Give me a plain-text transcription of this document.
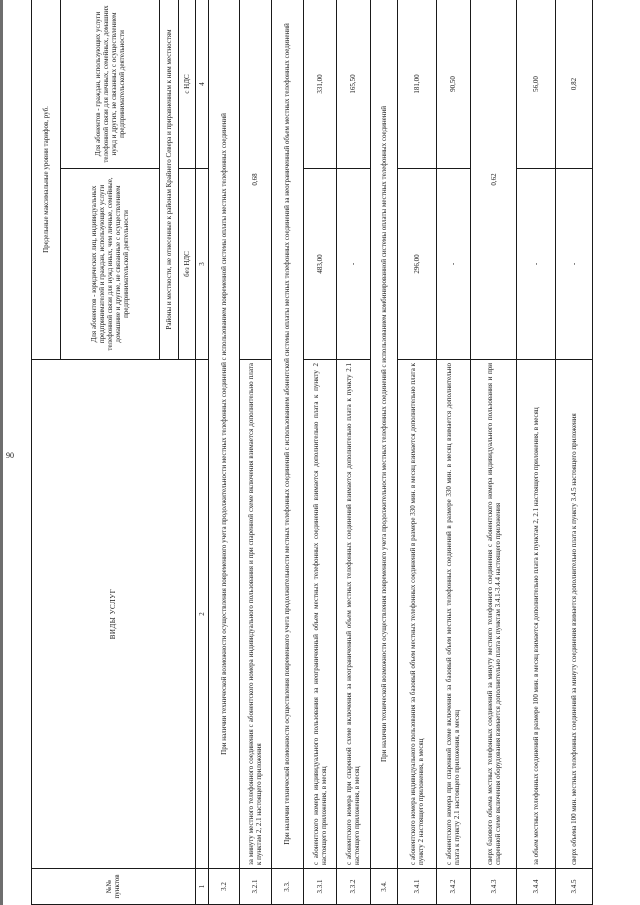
90
№№ пунктов	ВИДЫ УСЛУГ	Предельные максимальные уровни тарифов, руб.	
		Для абонентов - юридических лиц, индивидуальных предпринимателей и граждан, использующих услуги телефонной связи для нужд иных, чем личные, семейные, домашние и другие, не связанные с осуществлением предпринимательской деятельности	Для абонентов - граждан, использующих услуги телефонной связи для личных, семейных, домашних нужд и других, не связанных с осуществлением предпринимательской деятельности
		Районы и местности, не отнесенные к районам Крайнего Севера и приравненным к ним местностям	
		без НДС	с НДС
1	2	3	4
3.2	При наличии технической возможности осуществления повременного учета продолжительности местных телефонных соединений с использованием повременной системы оплаты местных телефонных соединений		
3.2.1	за минуту местного телефонного соединения с абонентского номера индивидуального пользования и при спаренной схеме включения взимается дополнительно плата к пунктам 2, 2.1 настоящего приложения	0,68	
3.3.	При наличии технической возможности осуществления повременного учета продолжительности местных телефонных соединений с использованием абонентской системы оплаты местных телефонных соединений за неограниченный объем местных телефонных соединений		
3.3.1	с абонентского номера индивидуального пользования за неограниченный объем местных телефонных соединений взимается дополнительно плата к пункту 2 настоящего приложения, в месяц	483,00	331,00
3.3.2	с абонентского номера при спаренной схеме включения за неограниченный объем местных телефонных соединений взимается дополнительно плата к пункту 2.1 настоящего приложения, в месяц	-	165,50
3.4.	При наличии технической возможности осуществления повременного учета продолжительности местных телефонных соединений с использованием комбинированной системы оплаты местных телефонных соединений		
3.4.1	с абонентского номера индивидуального пользования за базовый объем местных телефонных соединений в размере 330 мин. в месяц взимается дополнительно плата к пункту 2 настоящего приложения, в месяц	296,00	181,00
3.4.2	с абонентского номера при спаренной схеме включения за базовый объем местных телефонных соединений в размере 330 мин. в месяц взимается дополнительно плата к пункту 2.1 настоящего приложения, в месяц	-	90,50
3.4.3	сверх базового объема местных телефонных соединений за минуту местного телефонного соединения с абонентского номера индивидуального пользования и при спаренной схеме включения оборудования взимается дополнительно плата к пунктам 3.4.1-3.4.4 настоящего приложения	0,62	
3.4.4	за объем местных телефонных соединений в размере 100 мин. в месяц взимается дополнительно плата к пунктам 2, 2.1 настоящего приложения, в месяц	-	56,00
3.4.5	сверх объема 100 мин. местных телефонных соединений за минуту соединения взимается дополнительно плата к пункту 3.4.5 настоящего приложения	-	0,82
